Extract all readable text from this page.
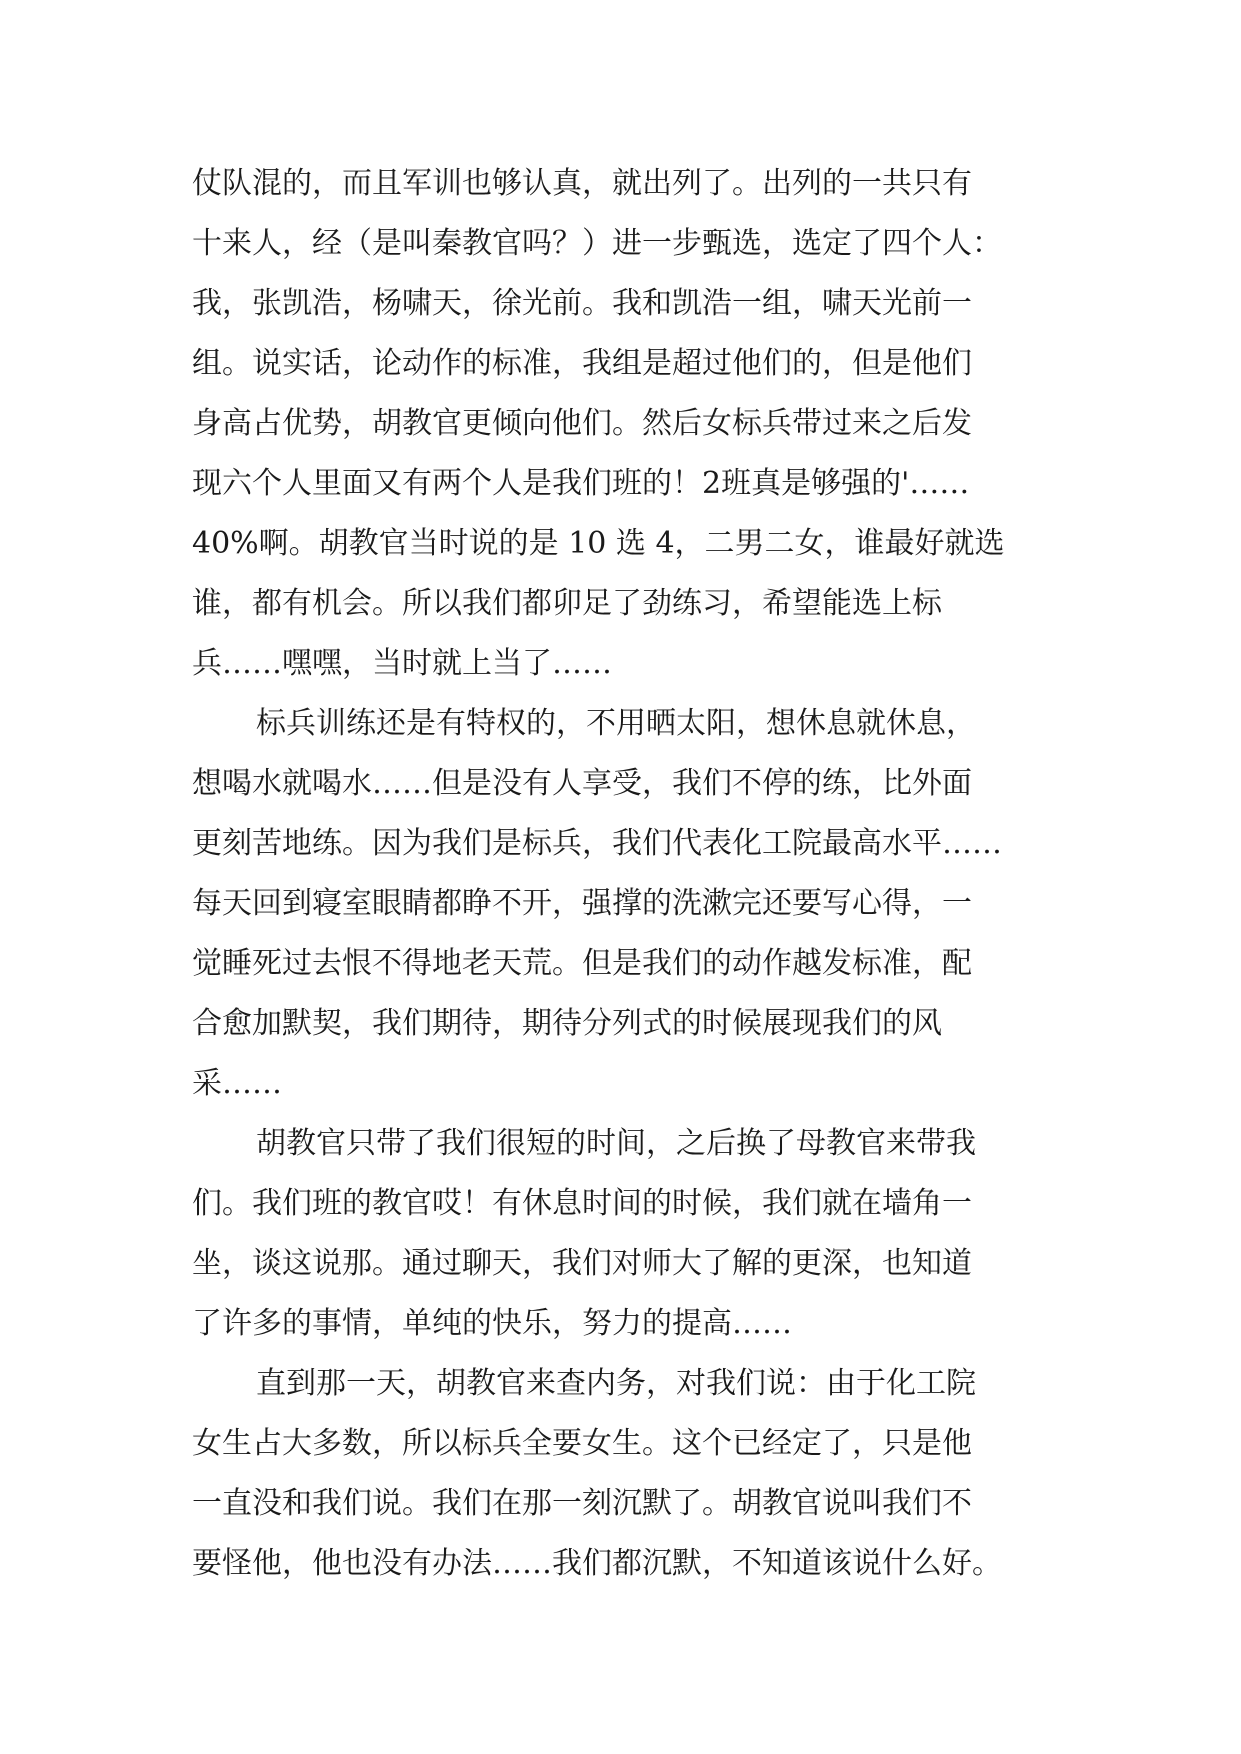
仗队混的，而且军训也够认真，就出列了。出列的一共只有
十来人，经（是叫秦教官吗？）进一步甄选，选定了四个人：
我，张凯浩，杨啸天，徐光前。我和凯浩一组，啸天光前一
组。说实话，论动作的标准，我组是超过他们的，但是他们
身高占优势，胡教官更倾向他们。然后女标兵带过来之后发
现六个人里面又有两个人是我们班的！2班真是够强的'……
40%啊。胡教官当时说的是 10 选 4，二男二女，谁最好就选
谁，都有机会。所以我们都卯足了劲练习，希望能选上标
兵……嘿嘿，当时就上当了……
标兵训练还是有特权的，不用晒太阳，想休息就休息，
想喝水就喝水……但是没有人享受，我们不停的练，比外面
更刻苦地练。因为我们是标兵，我们代表化工院最高水平……
每天回到寝室眼睛都睁不开，强撑的洗漱完还要写心得，一
觉睡死过去恨不得地老天荒。但是我们的动作越发标准，配
合愈加默契，我们期待，期待分列式的时候展现我们的风
采……
胡教官只带了我们很短的时间，之后换了母教官来带我
们。我们班的教官哎！有休息时间的时候，我们就在墙角一
坐，谈这说那。通过聊天，我们对师大了解的更深，也知道
了许多的事情，单纯的快乐，努力的提高……
直到那一天，胡教官来查内务，对我们说：由于化工院
女生占大多数，所以标兵全要女生。这个已经定了，只是他
一直没和我们说。我们在那一刻沉默了。胡教官说叫我们不
要怪他，他也没有办法……我们都沉默，不知道该说什么好。
